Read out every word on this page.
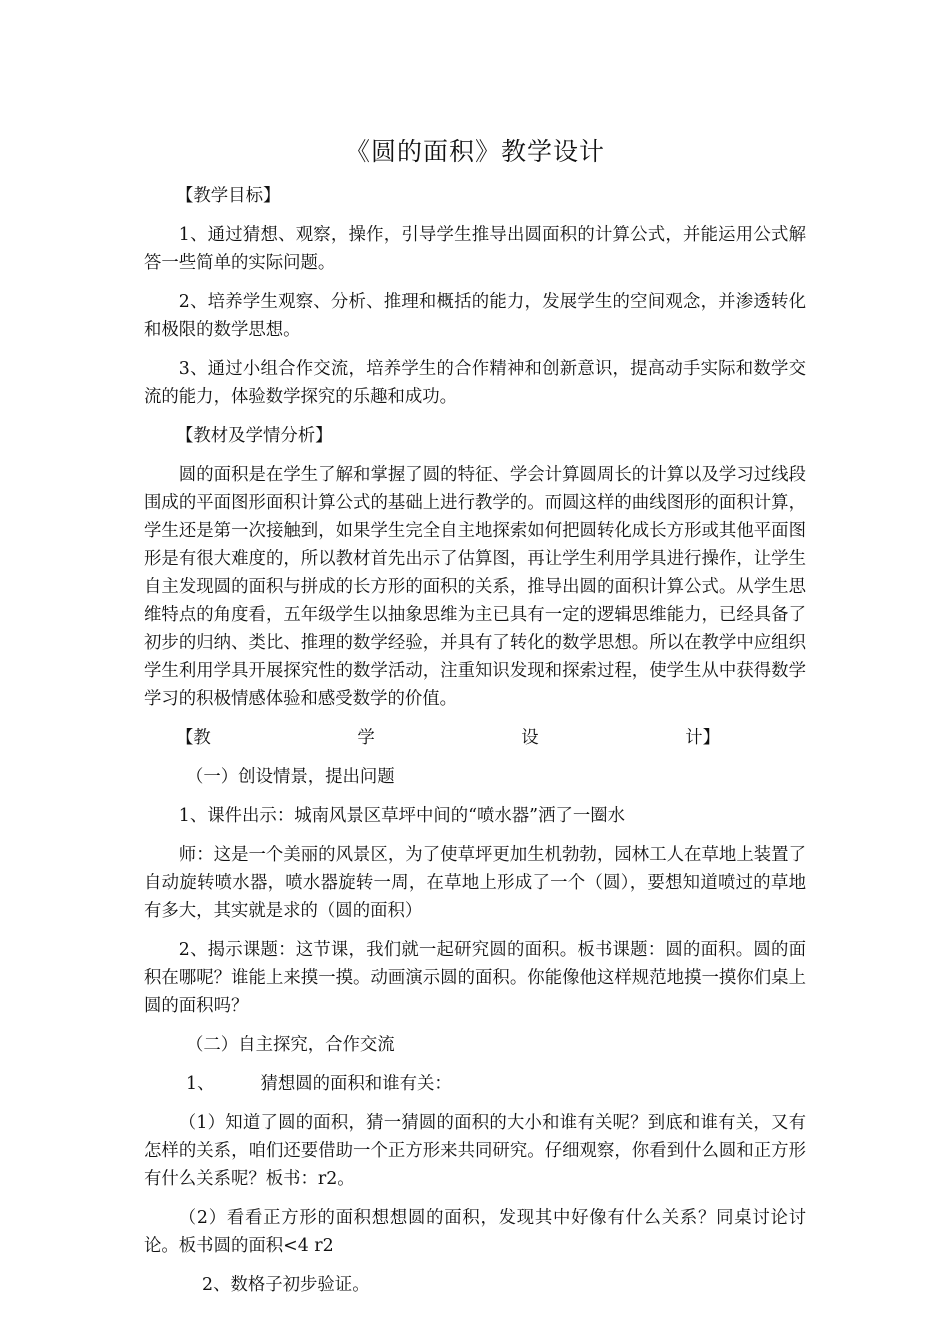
《圆的面积》教学设计
【教学目标】

1、通过猜想、观察，操作，引导学生推导出圆面积的计算公式，并能运用公式解答一些简单的实际问题。

2、培养学生观察、分析、推理和概括的能力，发展学生的空间观念，并渗透转化和极限的数学思想。

3、通过小组合作交流，培养学生的合作精神和创新意识，提高动手实际和数学交流的能力，体验数学探究的乐趣和成功。

【教材及学情分析】

圆的面积是在学生了解和掌握了圆的特征、学会计算圆周长的计算以及学习过线段围成的平面图形面积计算公式的基础上进行教学的。而圆这样的曲线图形的面积计算，学生还是第一次接触到，如果学生完全自主地探索如何把圆转化成长方形或其他平面图形是有很大难度的，所以教材首先出示了估算图，再让学生利用学具进行操作，让学生自主发现圆的面积与拼成的长方形的面积的关系，推导出圆的面积计算公式。从学生思维特点的角度看，五年级学生以抽象思维为主已具有一定的逻辑思维能力，已经具备了初步的归纳、类比、推理的数学经验，并具有了转化的数学思想。所以在教学中应组织学生利用学具开展探究性的数学活动，注重知识发现和探索过程，使学生从中获得数学学习的积极情感体验和感受数学的价值。

【教	学	设	计】
（一）创设情景，提出问题

1、课件出示：城南风景区草坪中间的“喷水器”洒了一圈水

师：这是一个美丽的风景区，为了使草坪更加生机勃勃，园林工人在草地上装置了自动旋转喷水器，喷水器旋转一周，在草地上形成了一个（圆），要想知道喷过的草地有多大，其实就是求的（圆的面积）

2、揭示课题：这节课，我们就一起研究圆的面积。板书课题：圆的面积。圆的面积在哪呢？谁能上来摸一摸。动画演示圆的面积。你能像他这样规范地摸一摸你们桌上圆的面积吗？

（二）自主探究，合作交流
1、	猜想圆的面积和谁有关：

（1）知道了圆的面积，猜一猜圆的面积的大小和谁有关呢？到底和谁有关，又有怎样的关系，咱们还要借助一个正方形来共同研究。仔细观察，你看到什么圆和正方形有什么关系呢？板书：r2。

（2）看看正方形的面积想想圆的面积，发现其中好像有什么关系？同桌讨论讨论。板书圆的面积<4 r2

2、数格子初步验证。
